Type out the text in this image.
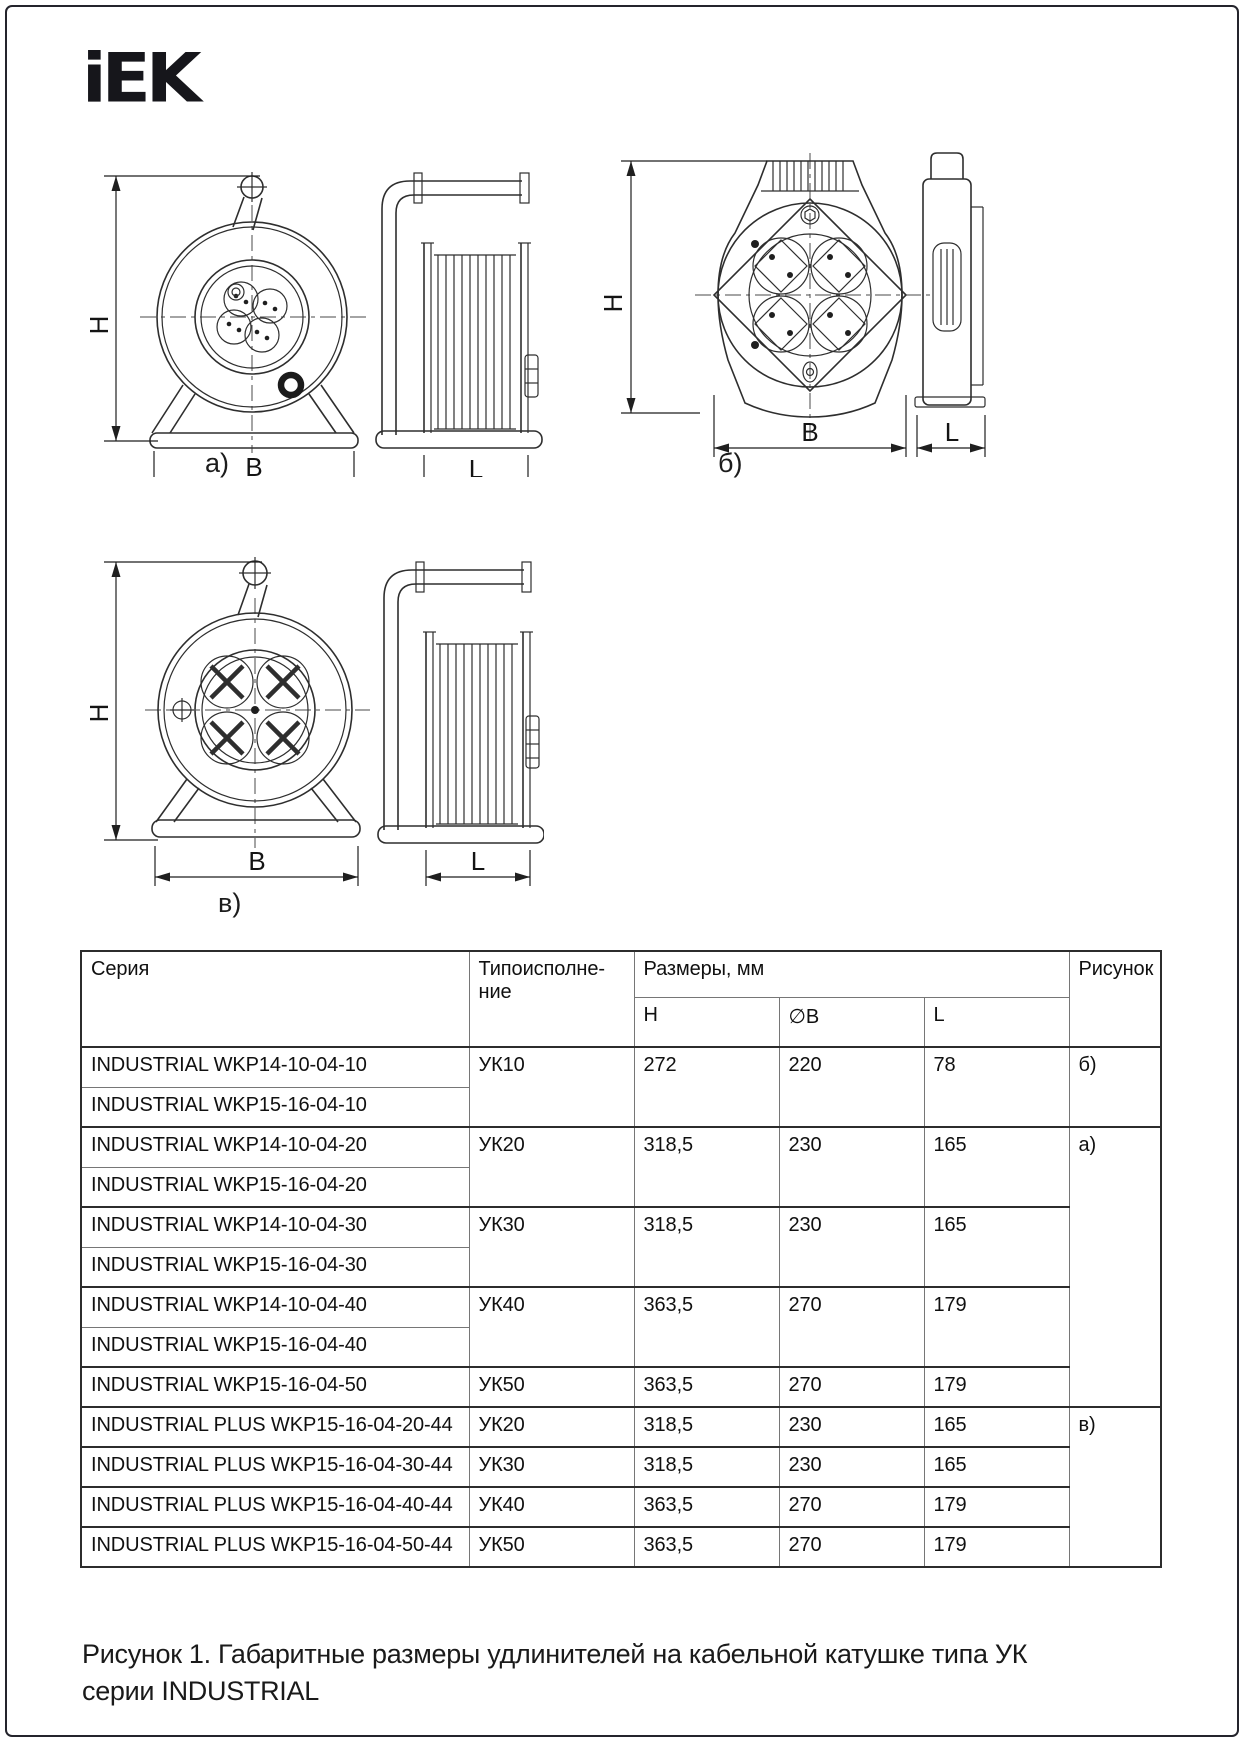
iEK
H
B	L
а)
H
B	L
б)
H
B	L
в)
Серия	Типоисполне-
ние	Размеры, мм			Рисунок
		H	∅B	L	
INDUSTRIAL WKP14-10-04-10	УК10	272	220	78	б)
INDUSTRIAL WKP15-16-04-10					
INDUSTRIAL WKP14-10-04-20	УК20	318,5	230	165	а)
INDUSTRIAL WKP15-16-04-20					
INDUSTRIAL WKP14-10-04-30	УК30	318,5	230	165	
INDUSTRIAL WKP15-16-04-30					
INDUSTRIAL WKP14-10-04-40	УК40	363,5	270	179	
INDUSTRIAL WKP15-16-04-40					
INDUSTRIAL WKP15-16-04-50	УК50	363,5	270	179	
INDUSTRIAL PLUS WKP15-16-04-20-44	УК20	318,5	230	165	в)
INDUSTRIAL PLUS WKP15-16-04-30-44	УК30	318,5	230	165	
INDUSTRIAL PLUS WKP15-16-04-40-44	УК40	363,5	270	179	
INDUSTRIAL PLUS WKP15-16-04-50-44	УК50	363,5	270	179	
Рисунок 1. Габаритные размеры удлинителей на кабельной катушке типа УК
серии INDUSTRIAL
